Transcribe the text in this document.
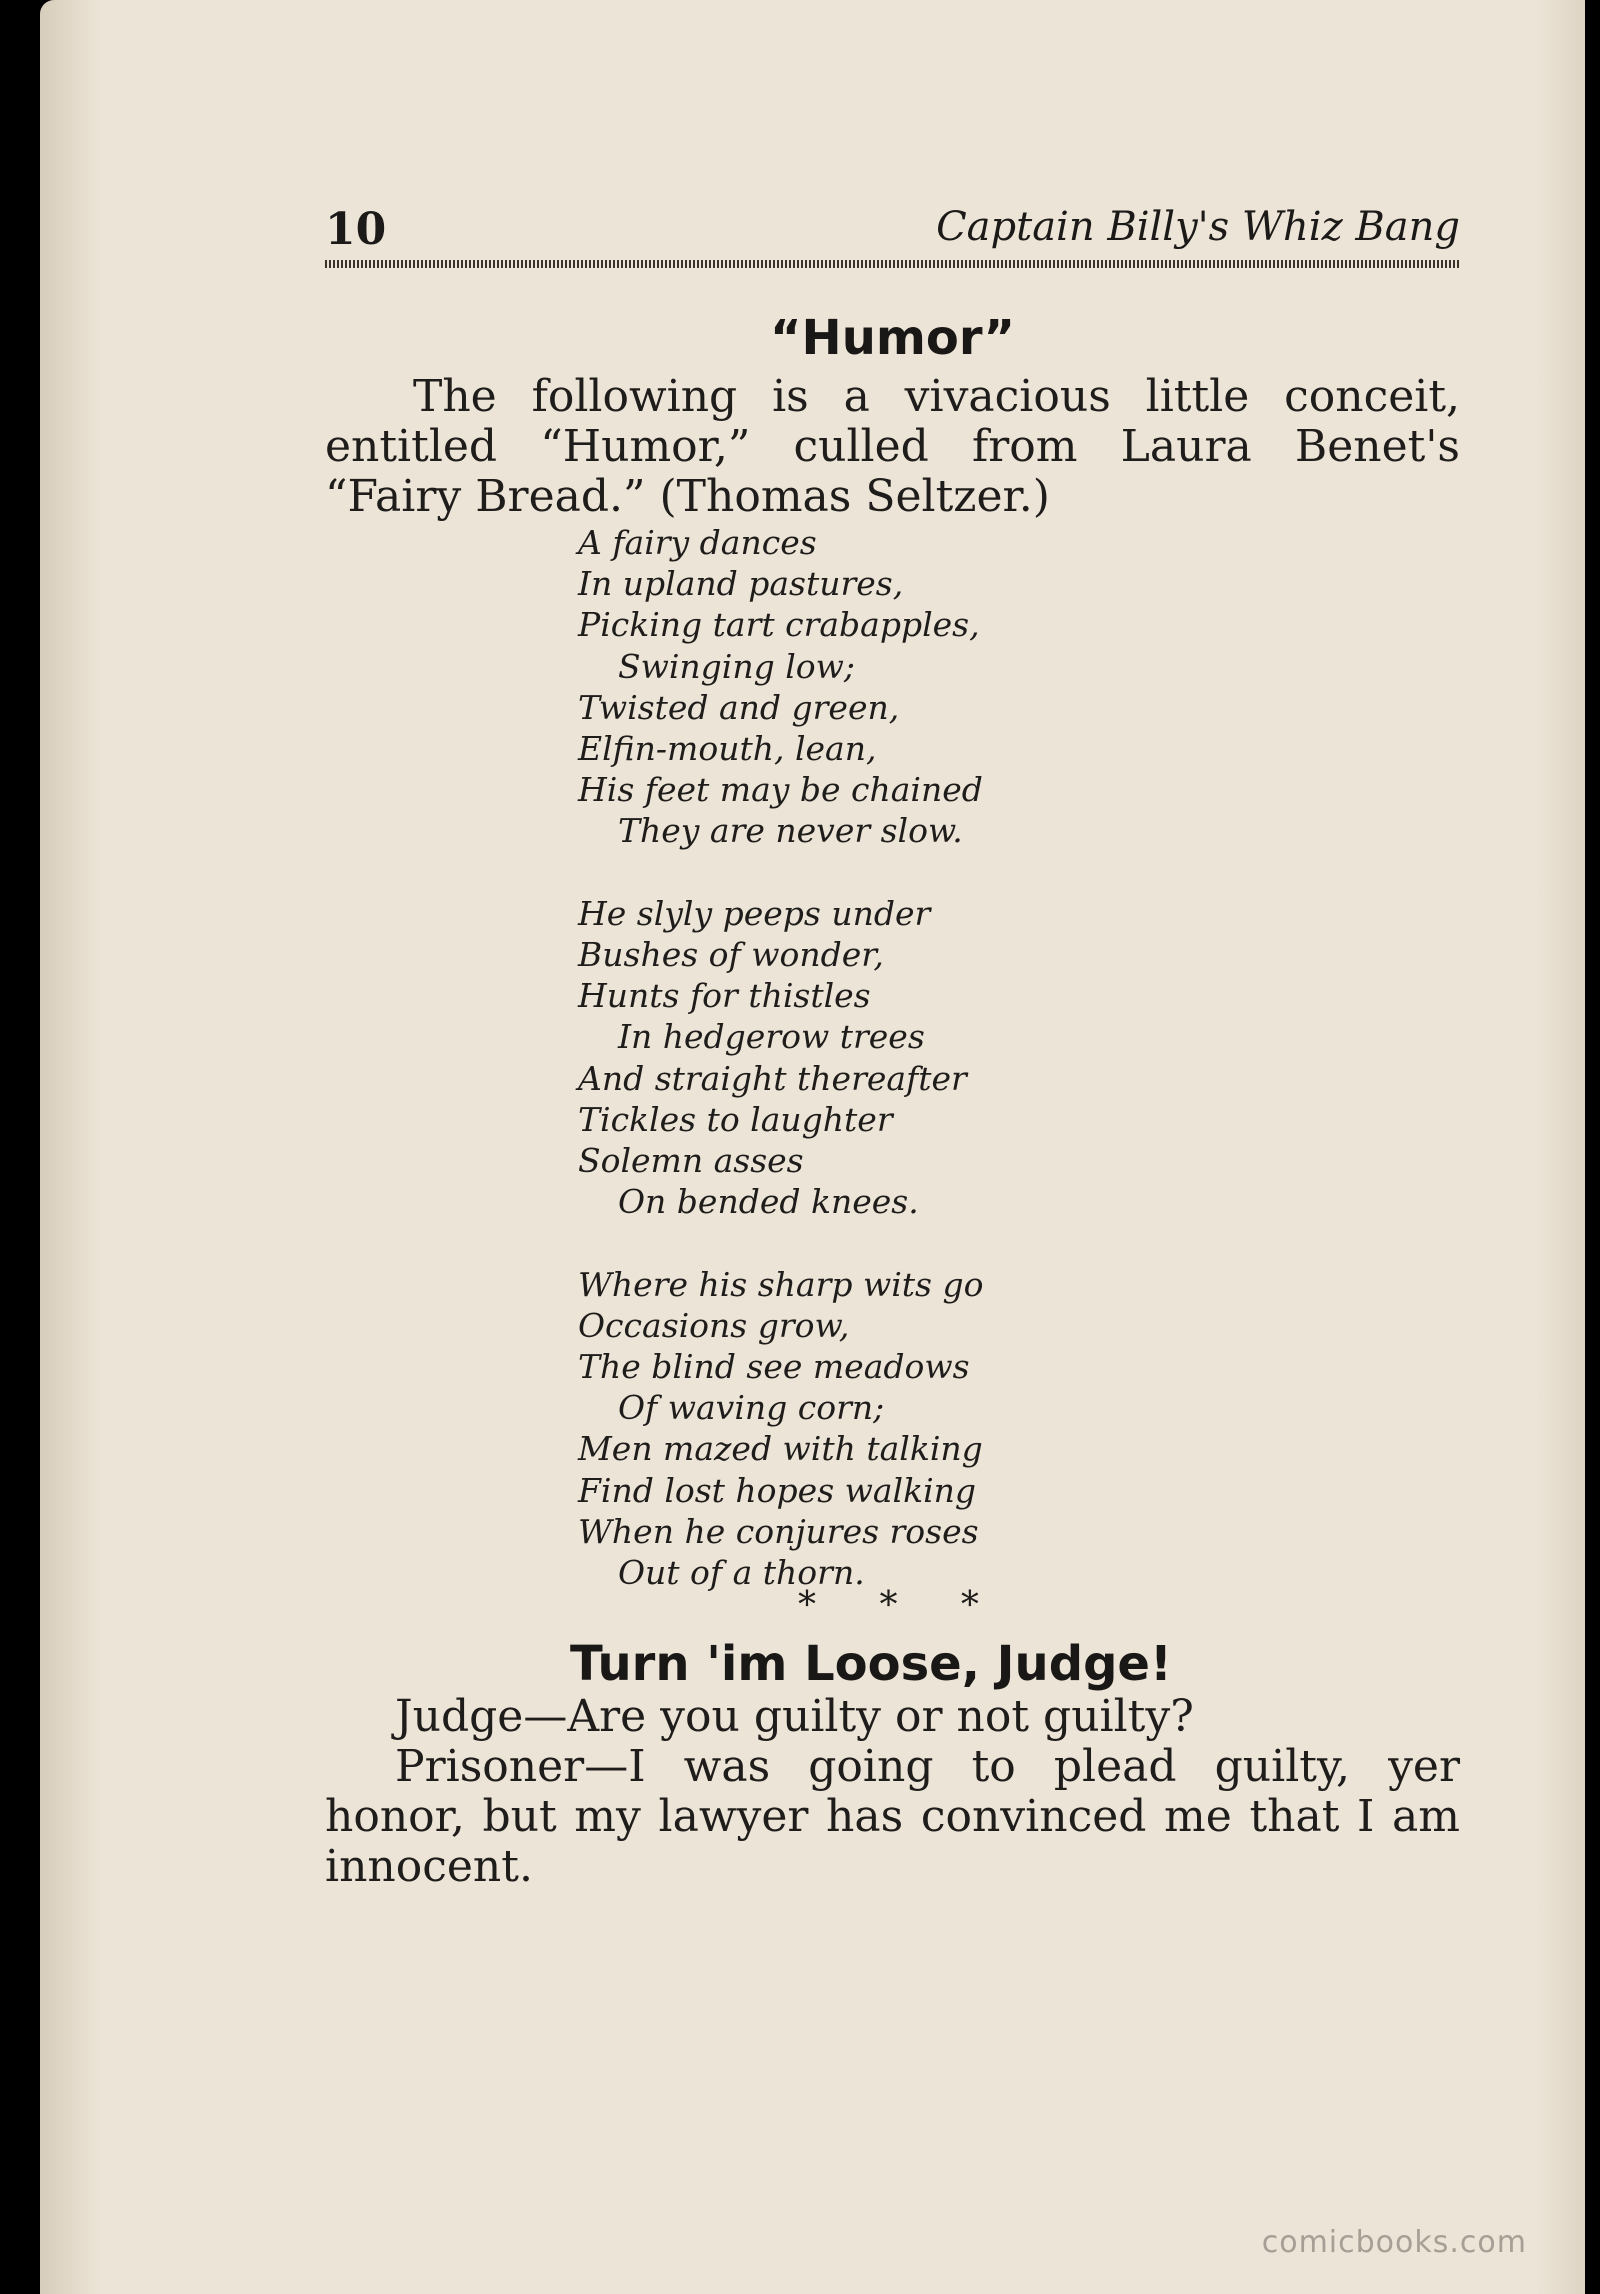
10	Captain Billy's Whiz Bang
“Humor”

The following is a vivacious little conceit, entitled “Humor,” culled from Laura Benet's “Fairy Bread.” (Thomas Seltzer.)

A fairy dances
In upland pastures,
Picking tart crabapples,
Swinging low;
Twisted and green,
Elfin-mouth, lean,
His feet may be chained
They are never slow.
He slyly peeps under
Bushes of wonder,
Hunts for thistles
In hedgerow trees
And straight thereafter
Tickles to laughter
Solemn asses
On bended knees.
Where his sharp wits go
Occasions grow,
The blind see meadows
Of waving corn;
Men mazed with talking
Find lost hopes walking
When he conjures roses
Out of a thorn.
* * *
Turn 'im Loose, Judge!

Judge—Are you guilty or not guilty?

Prisoner—I was going to plead guilty, yer honor, but my lawyer has convinced me that I am innocent.

comicbooks.com
